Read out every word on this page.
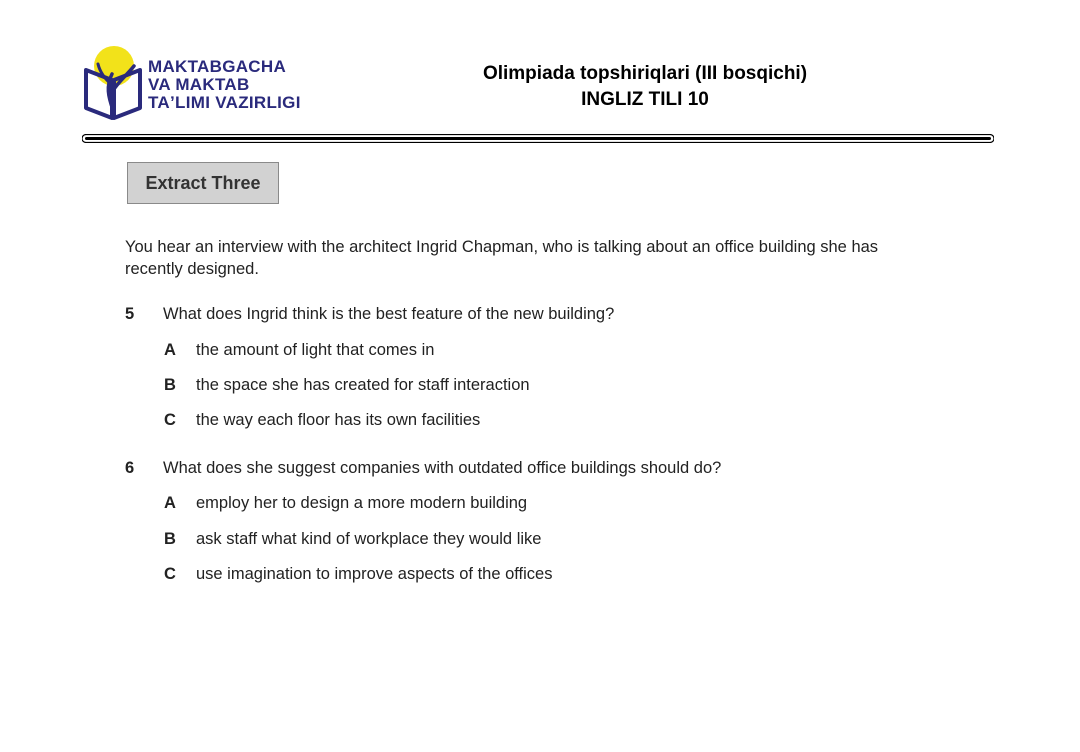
MAKTABGACHA
VA MAKTAB
TAʼLIMI VAZIRLIGI
Olimpiada topshiriqlari (III bosqichi)
INGLIZ TILI 10
Extract Three
You hear an interview with the architect Ingrid Chapman, who is talking about an office building she has recently designed.
5 What does Ingrid think is the best feature of the new building?
A the amount of light that comes in
B the space she has created for staff interaction
C the way each floor has its own facilities
6 What does she suggest companies with outdated office buildings should do?
A employ her to design a more modern building
B ask staff what kind of workplace they would like
C use imagination to improve aspects of the offices
